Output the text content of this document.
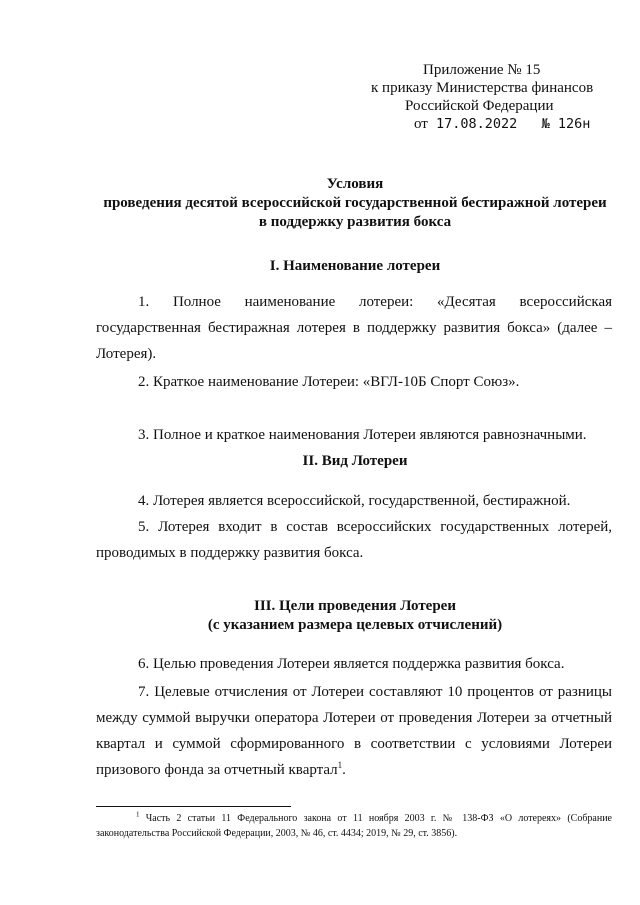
Приложение № 15
к приказу Министерства финансов
Российской Федерации
от 17.08.2022 № 126н
Условия
проведения десятой всероссийской государственной бестиражной лотереи
в поддержку развития бокса
I. Наименование лотереи
1. Полное наименование лотереи: «Десятая всероссийская
государственная бестиражная лотерея в поддержку развития бокса» (далее –
Лотерея).
2. Краткое наименование Лотереи: «ВГЛ-10Б Спорт Союз».
3. Полное и краткое наименования Лотереи являются равнозначными.
II. Вид Лотереи
4. Лотерея является всероссийской, государственной, бестиражной.
5. Лотерея входит в состав всероссийских государственных лотерей,
проводимых в поддержку развития бокса.
III. Цели проведения Лотереи
(с указанием размера целевых отчислений)
6. Целью проведения Лотереи является поддержка развития бокса.
7. Целевые отчисления от Лотереи составляют 10 процентов от разницы
между суммой выручки оператора Лотереи от проведения Лотереи за отчетный
квартал и суммой сформированного в соответствии с условиями Лотереи
призового фонда за отчетный квартал$^1$.
$^1$ Часть 2 статьи 11 Федерального закона от 11 ноября 2003 г. № 138-ФЗ «О лотереях» (Собрание законодательства Российской Федерации, 2003, № 46, ст. 4434; 2019, № 29, ст. 3856).
